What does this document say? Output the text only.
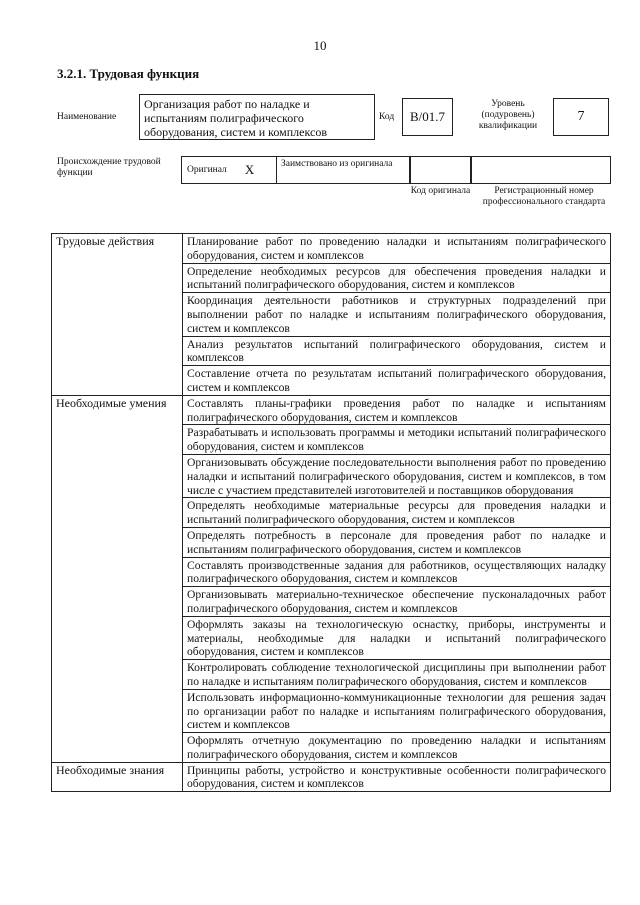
10
3.2.1. Трудовая функция
Наименование
Организация работ по наладке и испытаниям полиграфического оборудования, систем и комплексов
Код	В/01.7
Уровень (подуровень) квалификации
7
Происхождение трудовой функции	Оригинал X	Заимствовано из оригинала
Код оригинала	Регистрационный номер профессионального стандарта
Трудовые действия	Планирование работ по проведению наладки и испытаниям полиграфического оборудования, систем и комплексов
	Определение необходимых ресурсов для обеспечения проведения наладки и испытаний полиграфического оборудования, систем и комплексов
	Координация деятельности работников и структурных подразделений при выполнении работ по наладке и испытаниям полиграфического оборудования, систем и комплексов
	Анализ результатов испытаний полиграфического оборудования, систем и комплексов
	Составление отчета по результатам испытаний полиграфического оборудования, систем и комплексов
Необходимые умения	Составлять планы-графики проведения работ по наладке и испытаниям полиграфического оборудования, систем и комплексов
	Разрабатывать и использовать программы и методики испытаний полиграфического оборудования, систем и комплексов
	Организовывать обсуждение последовательности выполнения работ по проведению наладки и испытаний полиграфического оборудования, систем и комплексов, в том числе с участием представителей изготовителей и поставщиков оборудования
	Определять необходимые материальные ресурсы для проведения наладки и испытаний полиграфического оборудования, систем и комплексов
	Определять потребность в персонале для проведения работ по наладке и испытаниям полиграфического оборудования, систем и комплексов
	Составлять производственные задания для работников, осуществляющих наладку полиграфического оборудования, систем и комплексов
	Организовывать материально-техническое обеспечение пусконаладочных работ полиграфического оборудования, систем и комплексов
	Оформлять заказы на технологическую оснастку, приборы, инструменты и материалы, необходимые для наладки и испытаний полиграфического оборудования, систем и комплексов
	Контролировать соблюдение технологической дисциплины при выполнении работ по наладке и испытаниям полиграфического оборудования, систем и комплексов
	Использовать информационно-коммуникационные технологии для решения задач по организации работ по наладке и испытаниям полиграфического оборудования, систем и комплексов
	Оформлять отчетную документацию по проведению наладки и испытаниям полиграфического оборудования, систем и комплексов
Необходимые знания	Принципы работы, устройство и конструктивные особенности полиграфического оборудования, систем и комплексов
